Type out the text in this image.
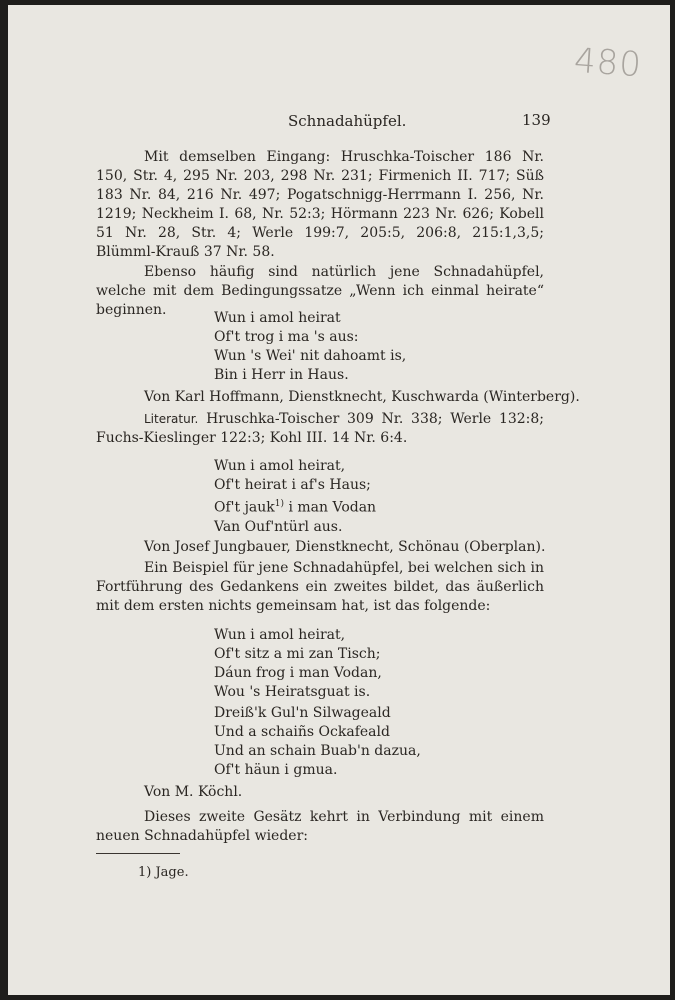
480
Schnadahüpfel.	139

Mit demselben Eingang: Hruschka-Toischer 186 Nr. 150, Str. 4, 295 Nr. 203, 298 Nr. 231; Firmenich II. 717; Süß 183 Nr. 84, 216 Nr. 497; Pogatschnigg-Herrmann I. 256, Nr. 1219; Neckheim I. 68, Nr. 52:3; Hörmann 223 Nr. 626; Kobell 51 Nr. 28, Str. 4; Werle 199:7, 205:5, 206:8, 215:1,3,5; Blümml-Krauß 37 Nr. 58.

Ebenso häufig sind natürlich jene Schnadahüpfel, welche mit dem Bedingungssatze „Wenn ich einmal heirate“ beginnen.	Wun i amol heirat
Of't trog i ma 's aus:
Wun 's Wei' nit dahoamt is,
Bin i Herr in Haus.
Von Karl Hoffmann, Dienstknecht, Kuschwarda (Winterberg).

Literatur. Hruschka-Toischer 309 Nr. 338; Werle 132:8; Fuchs-Kieslinger 122:3; Kohl III. 14 Nr. 6:4.

Wun i amol heirat,
Of't heirat i af's Haus;
Of't jauk$^{1)}$ i man Vodan
Van Ouf'ntürl aus.
Von Josef Jungbauer, Dienstknecht, Schönau (Oberplan).

Ein Beispiel für jene Schnadahüpfel, bei welchen sich in Fortführung des Gedankens ein zweites bildet, das äußerlich mit dem ersten nichts gemeinsam hat, ist das folgende:

Wun i amol heirat,
Of't sitz a mi zan Tisch;
Dáun frog i man Vodan,
Wou 's Heiratsguat is.
Dreiß'k Gul'n Silwageald
Und a schaiñs Ockafeald
Und an schain Buab'n dazua,
Of't häun i gmua.
Von M. Köchl.

Dieses zweite Gesätz kehrt in Verbindung mit einem neuen Schnadahüpfel wieder:

1) Jage.
